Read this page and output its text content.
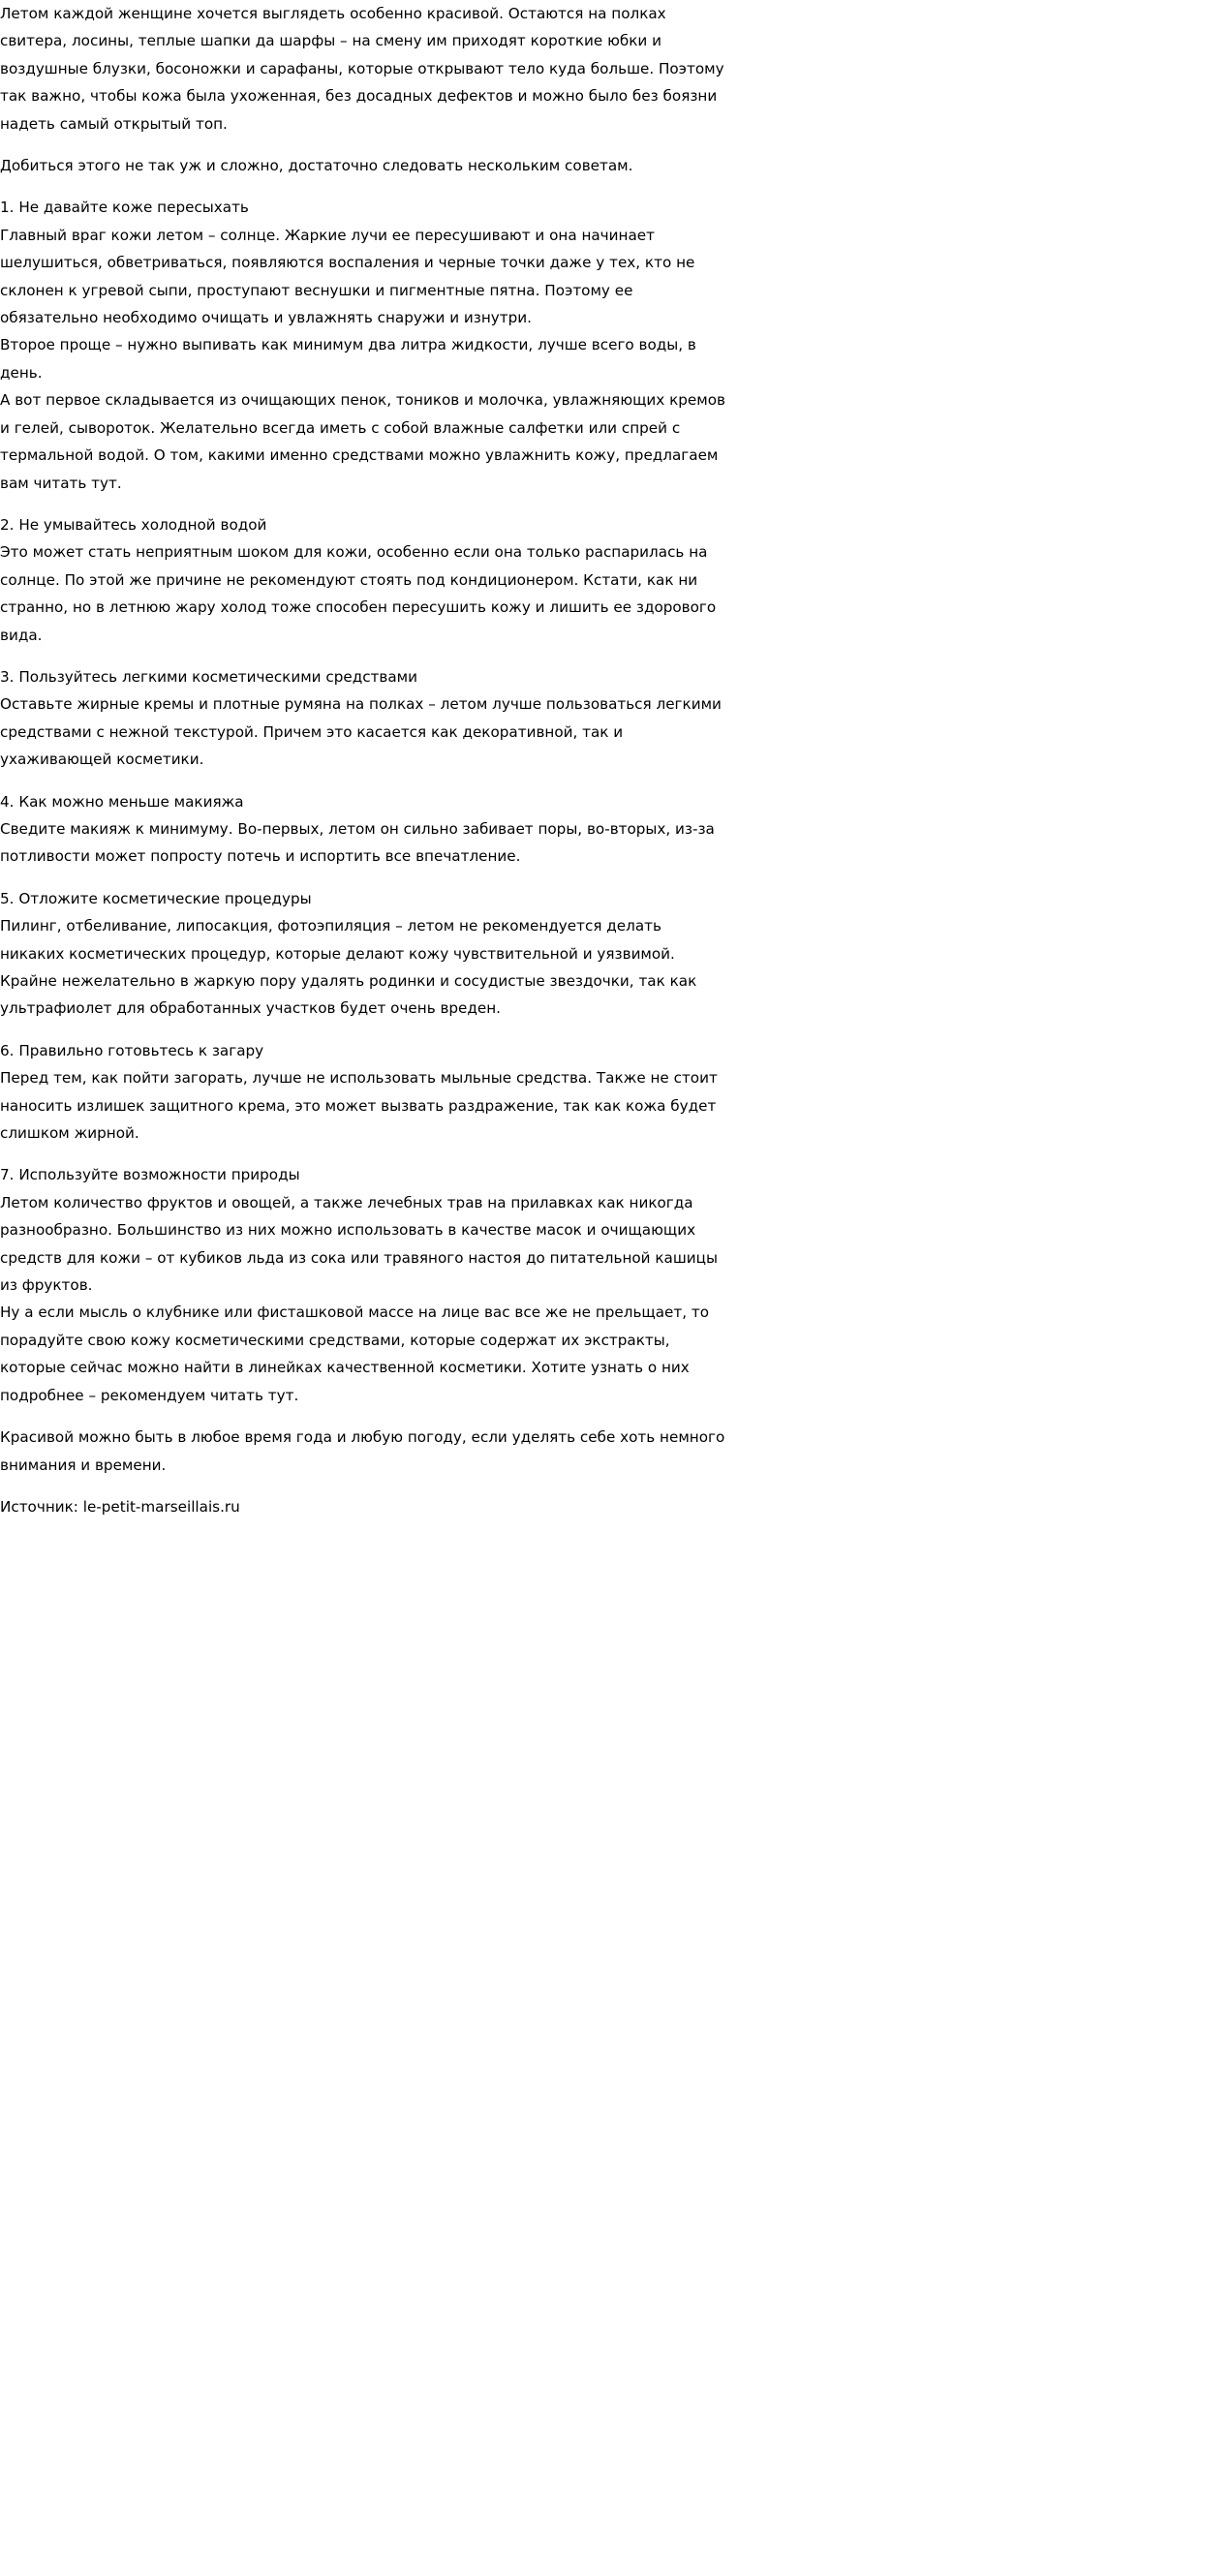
Летом каждой женщине хочется выглядеть особенно красивой. Остаются на полках свитера, лосины, теплые шапки да шарфы – на смену им приходят короткие юбки и воздушные блузки, босоножки и сарафаны, которые открывают тело куда больше. Поэтому так важно, чтобы кожа была ухоженная, без досадных дефектов и можно было без боязни надеть самый открытый топ.

Добиться этого не так уж и сложно, достаточно следовать нескольким советам.

1. Не давайте коже пересыхать

Главный враг кожи летом – солнце. Жаркие лучи ее пересушивают и она начинает шелушиться, обветриваться, появляются воспаления и черные точки даже у тех, кто не склонен к угревой сыпи, проступают веснушки и пигментные пятна. Поэтому ее обязательно необходимо очищать и увлажнять снаружи и изнутри.

Второе проще – нужно выпивать как минимум два литра жидкости, лучше всего воды, в день.

А вот первое складывается из очищающих пенок, тоников и молочка, увлажняющих кремов и гелей, сывороток. Желательно всегда иметь с собой влажные салфетки или спрей с термальной водой. О том, какими именно средствами можно увлажнить кожу, предлагаем вам читать тут.

2. Не умывайтесь холодной водой

Это может стать неприятным шоком для кожи, особенно если она только распарилась на солнце. По этой же причине не рекомендуют стоять под кондиционером. Кстати, как ни странно, но в летнюю жару холод тоже способен пересушить кожу и лишить ее здорового вида.

3. Пользуйтесь легкими косметическими средствами

Оставьте жирные кремы и плотные румяна на полках – летом лучше пользоваться легкими средствами с нежной текстурой. Причем это касается как декоративной, так и ухаживающей косметики.

4. Как можно меньше макияжа

Сведите макияж к минимуму. Во-первых, летом он сильно забивает поры, во-вторых, из-за потливости может попросту потечь и испортить все впечатление.

5. Отложите косметические процедуры

Пилинг, отбеливание, липосакция, фотоэпиляция – летом не рекомендуется делать никаких косметических процедур, которые делают кожу чувствительной и уязвимой. Крайне нежелательно в жаркую пору удалять родинки и сосудистые звездочки, так как ультрафиолет для обработанных участков будет очень вреден.

6. Правильно готовьтесь к загару

Перед тем, как пойти загорать, лучше не использовать мыльные средства. Также не стоит наносить излишек защитного крема, это может вызвать раздражение, так как кожа будет слишком жирной.

7. Используйте возможности природы

Летом количество фруктов и овощей, а также лечебных трав на прилавках как никогда разнообразно. Большинство из них можно использовать в качестве масок и очищающих средств для кожи – от кубиков льда из сока или травяного настоя до питательной кашицы из фруктов.

Ну а если мысль о клубнике или фисташковой массе на лице вас все же не прельщает, то порадуйте свою кожу косметическими средствами, которые содержат их экстракты, которые сейчас можно найти в линейках качественной косметики. Хотите узнать о них подробнее – рекомендуем читать тут.

Красивой можно быть в любое время года и любую погоду, если уделять себе хоть немного внимания и времени.

Источник: le-petit-marseillais.ru
